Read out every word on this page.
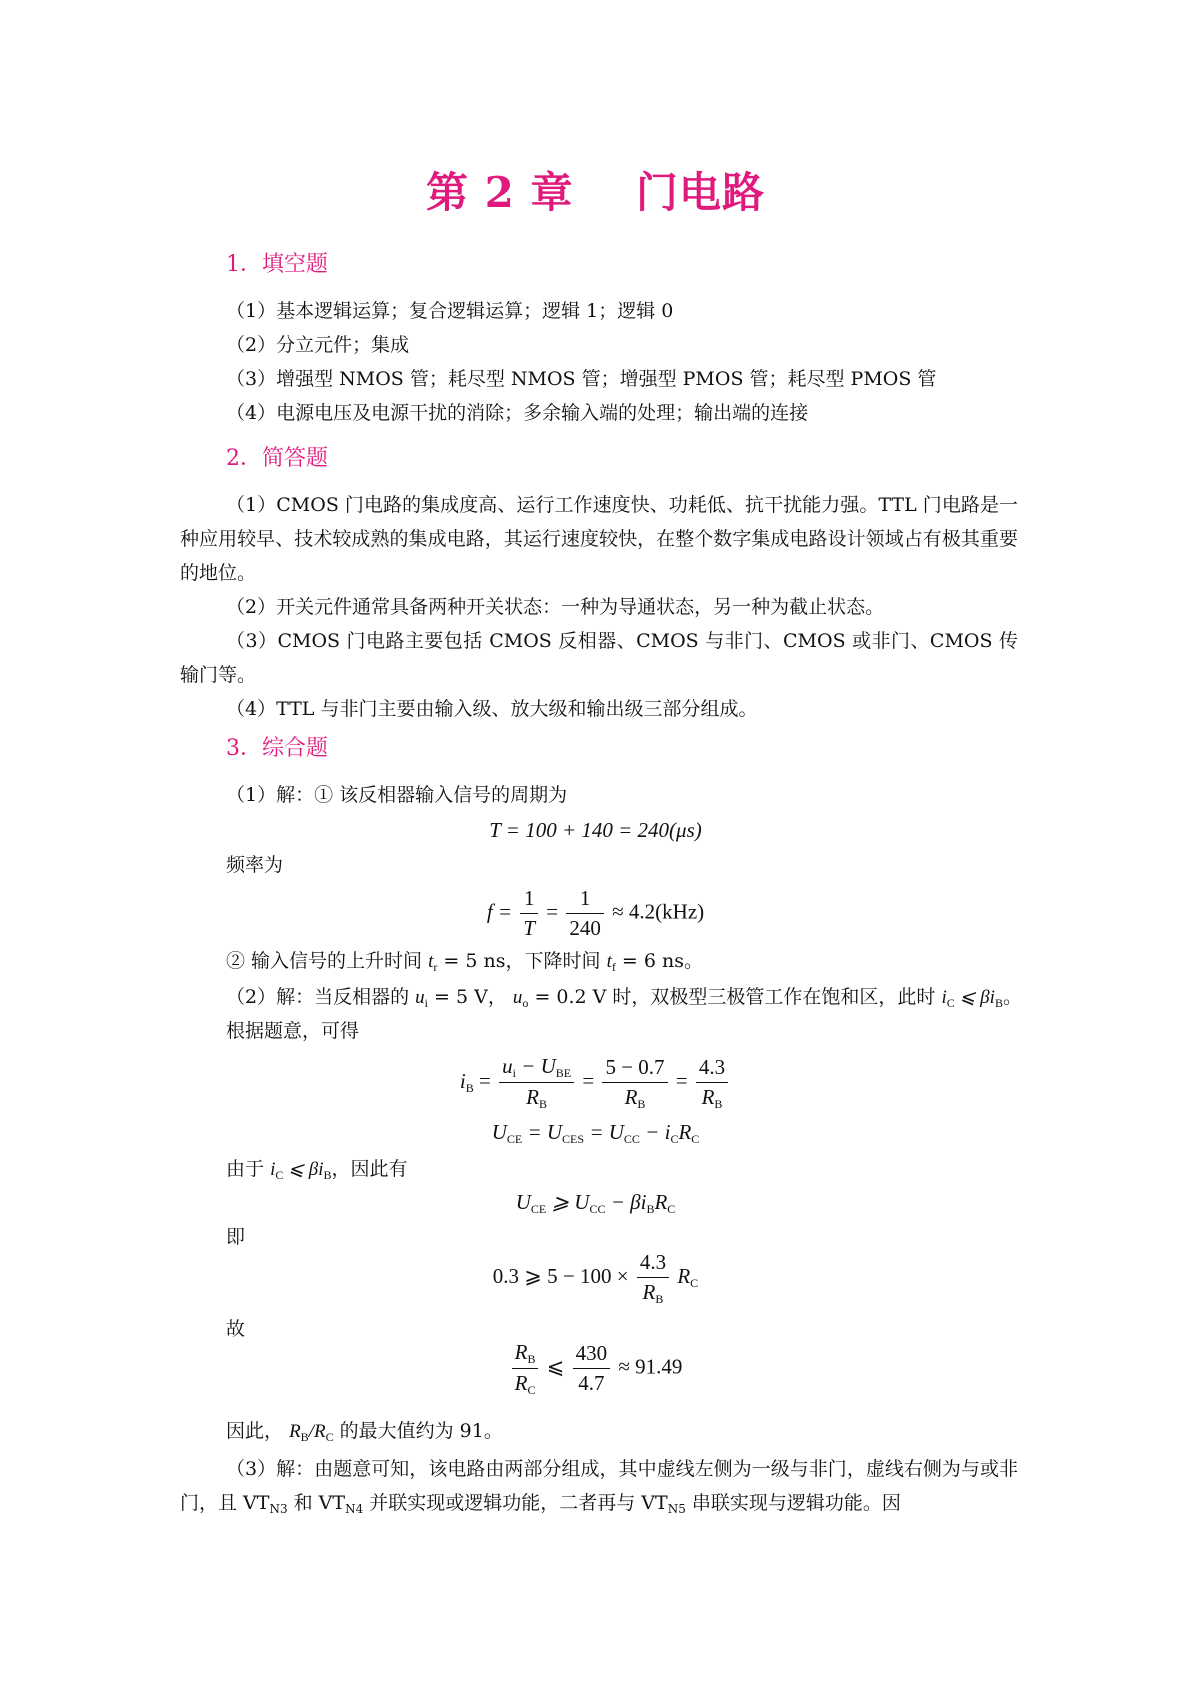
第 2 章    门电路
1．填空题
（1）基本逻辑运算；复合逻辑运算；逻辑 1；逻辑 0
（2）分立元件；集成
（3）增强型 NMOS 管；耗尽型 NMOS 管；增强型 PMOS 管；耗尽型 PMOS 管
（4）电源电压及电源干扰的消除；多余输入端的处理；输出端的连接
2．简答题
（1）CMOS 门电路的集成度高、运行工作速度快、功耗低、抗干扰能力强。TTL 门电路是一种应用较早、技术较成熟的集成电路，其运行速度较快，在整个数字集成电路设计领域占有极其重要的地位。
（2）开关元件通常具备两种开关状态：一种为导通状态，另一种为截止状态。
（3）CMOS 门电路主要包括 CMOS 反相器、CMOS 与非门、CMOS 或非门、CMOS 传输门等。
（4）TTL 与非门主要由输入级、放大级和输出级三部分组成。
3．综合题
（1）解：① 该反相器输入信号的周期为
T = 100 + 140 = 240(μs)
频率为
$f = \frac{1}{T} = \frac{1}{240} \approx 4.2(kHz)$
② 输入信号的上升时间 $t_r = 5$ ns，下降时间 $t_f = 6$ ns。
（2）解：当反相器的 $u_i = 5$ V， $u_o = 0.2$ V 时，双极型三极管工作在饱和区，此时 $i_C$ ⩽ $\beta i_B$。
根据题意，可得
$i_B = \frac{u_i - U_{BE}}{R_B} = \frac{5 - 0.7}{R_B} = \frac{4.3}{R_B}$
$U_{CE} = U_{CES} = U_{CC} - i_CR_C$
由于 $i_C$ ⩽ $\beta i_B$，因此有
$U_{CE}$ ⩾ $U_{CC} - \beta i_BR_C$
即
0.3 ⩾ $5 - 100 \times \frac{4.3}{R_B} R_C$
故
$\frac{R_B}{R_C}$ ⩽ $\frac{430}{4.7} \approx 91.49$
因此， $R_B/R_C$ 的最大值约为 91。
（3）解：由题意可知，该电路由两部分组成，其中虚线左侧为一级与非门，虚线右侧为与或非门，且 $VT_{N3}$ 和 $VT_{N4}$ 并联实现或逻辑功能，二者再与 $VT_{N5}$ 串联实现与逻辑功能。因
